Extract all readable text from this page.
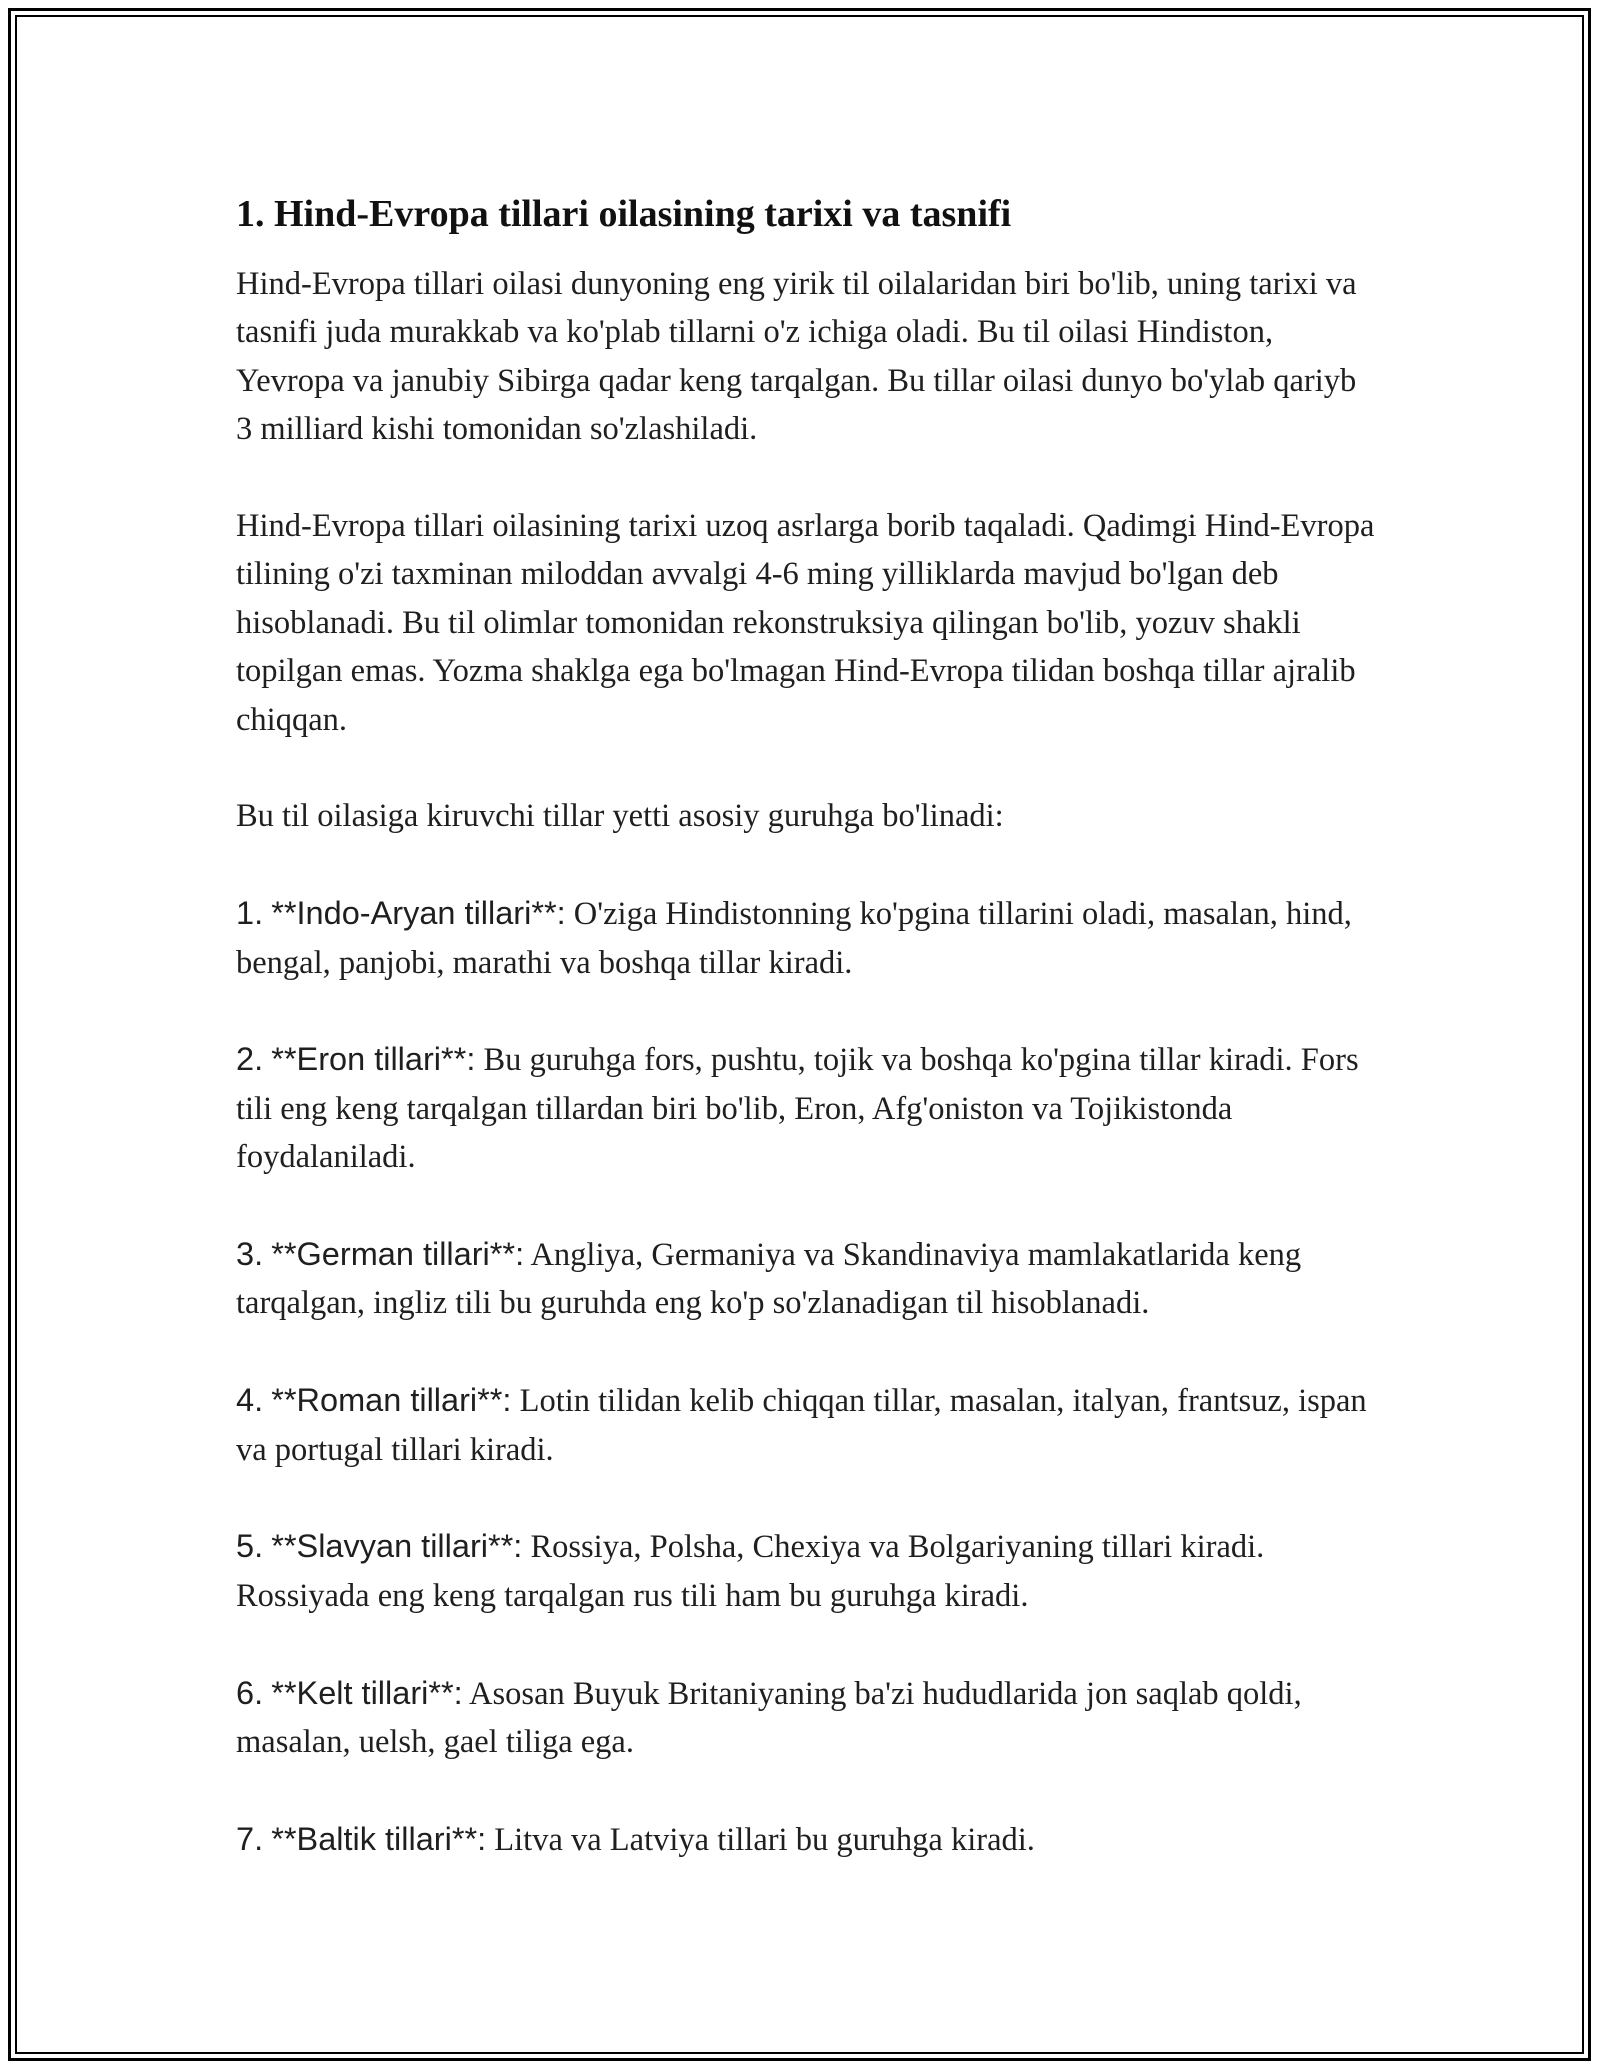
1. Hind-Evropa tillari oilasining tarixi va tasnifi

Hind-Evropa tillari oilasi dunyoning eng yirik til oilalaridan biri bo'lib, uning tarixi va tasnifi juda murakkab va ko'plab tillarni o'z ichiga oladi. Bu til oilasi Hindiston, Yevropa va janubiy Sibirga qadar keng tarqalgan. Bu tillar oilasi dunyo bo'ylab qariyb 3 milliard kishi tomonidan so'zlashiladi.

Hind-Evropa tillari oilasining tarixi uzoq asrlarga borib taqaladi. Qadimgi Hind-Evropa tilining o'zi taxminan miloddan avvalgi 4-6 ming yilliklarda mavjud bo'lgan deb hisoblanadi. Bu til olimlar tomonidan rekonstruksiya qilingan bo'lib, yozuv shakli topilgan emas. Yozma shaklga ega bo'lmagan Hind-Evropa tilidan boshqa tillar ajralib chiqqan.

Bu til oilasiga kiruvchi tillar yetti asosiy guruhga bo'linadi:

1. **Indo-Aryan tillari**: O'ziga Hindistonning ko'pgina tillarini oladi, masalan, hind, bengal, panjobi, marathi va boshqa tillar kiradi.

2. **Eron tillari**: Bu guruhga fors, pushtu, tojik va boshqa ko'pgina tillar kiradi. Fors tili eng keng tarqalgan tillardan biri bo'lib, Eron, Afg'oniston va Tojikistonda foydalaniladi.

3. **German tillari**: Angliya, Germaniya va Skandinaviya mamlakatlarida keng tarqalgan, ingliz tili bu guruhda eng ko'p so'zlanadigan til hisoblanadi.

4. **Roman tillari**: Lotin tilidan kelib chiqqan tillar, masalan, italyan, frantsuz, ispan va portugal tillari kiradi.

5. **Slavyan tillari**: Rossiya, Polsha, Chexiya va Bolgariyaning tillari kiradi. Rossiyada eng keng tarqalgan rus tili ham bu guruhga kiradi.

6. **Kelt tillari**: Asosan Buyuk Britaniyaning ba'zi hududlarida jon saqlab qoldi, masalan, uelsh, gael tiliga ega.

7. **Baltik tillari**: Litva va Latviya tillari bu guruhga kiradi.
